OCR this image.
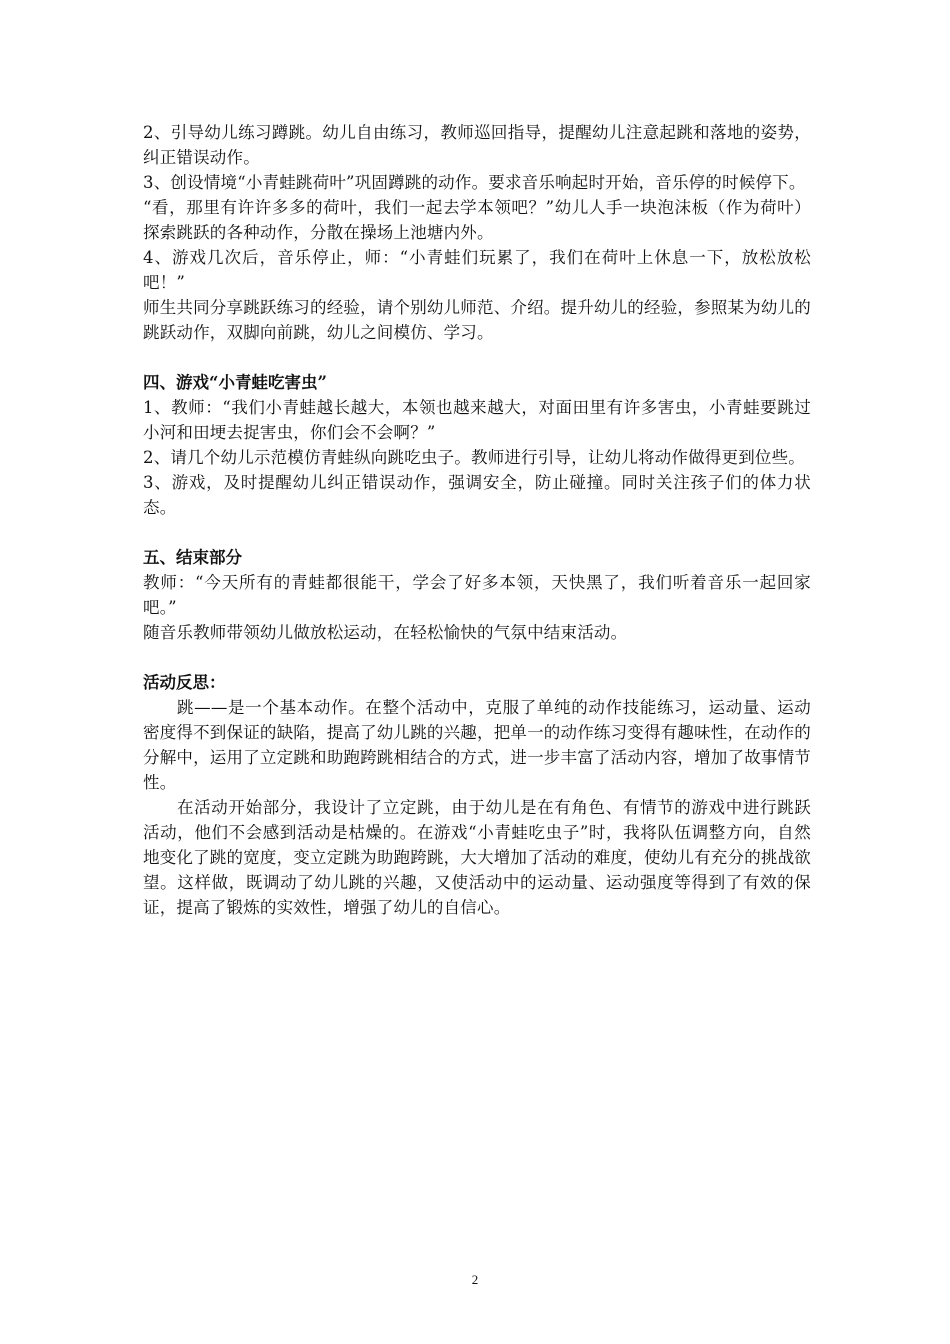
2、引导幼儿练习蹲跳。幼儿自由练习，教师巡回指导，提醒幼儿注意起跳和落地的姿势，纠正错误动作。

3、创设情境“小青蛙跳荷叶”巩固蹲跳的动作。要求音乐响起时开始，音乐停的时候停下。

“看，那里有许许多多的荷叶，我们一起去学本领吧？”幼儿人手一块泡沫板（作为荷叶）探索跳跃的各种动作，分散在操场上池塘内外。

4、游戏几次后，音乐停止，师：“小青蛙们玩累了，我们在荷叶上休息一下，放松放松吧！”

师生共同分享跳跃练习的经验，请个别幼儿师范、介绍。提升幼儿的经验，参照某为幼儿的跳跃动作，双脚向前跳，幼儿之间模仿、学习。

四、游戏“小青蛙吃害虫”

1、教师：“我们小青蛙越长越大，本领也越来越大，对面田里有许多害虫，小青蛙要跳过小河和田埂去捉害虫，你们会不会啊？”

2、请几个幼儿示范模仿青蛙纵向跳吃虫子。教师进行引导，让幼儿将动作做得更到位些。

3、游戏，及时提醒幼儿纠正错误动作，强调安全，防止碰撞。同时关注孩子们的体力状态。

五、结束部分

教师：“今天所有的青蛙都很能干，学会了好多本领，天快黑了，我们听着音乐一起回家吧。”

随音乐教师带领幼儿做放松运动，在轻松愉快的气氛中结束活动。

活动反思：

跳——是一个基本动作。在整个活动中，克服了单纯的动作技能练习，运动量、运动密度得不到保证的缺陷，提高了幼儿跳的兴趣，把单一的动作练习变得有趣味性，在动作的分解中，运用了立定跳和助跑跨跳相结合的方式，进一步丰富了活动内容，增加了故事情节性。

在活动开始部分，我设计了立定跳，由于幼儿是在有角色、有情节的游戏中进行跳跃活动，他们不会感到活动是枯燥的。在游戏“小青蛙吃虫子”时，我将队伍调整方向，自然地变化了跳的宽度，变立定跳为助跑跨跳，大大增加了活动的难度，使幼儿有充分的挑战欲望。这样做，既调动了幼儿跳的兴趣，又使活动中的运动量、运动强度等得到了有效的保证，提高了锻炼的实效性，增强了幼儿的自信心。

2
